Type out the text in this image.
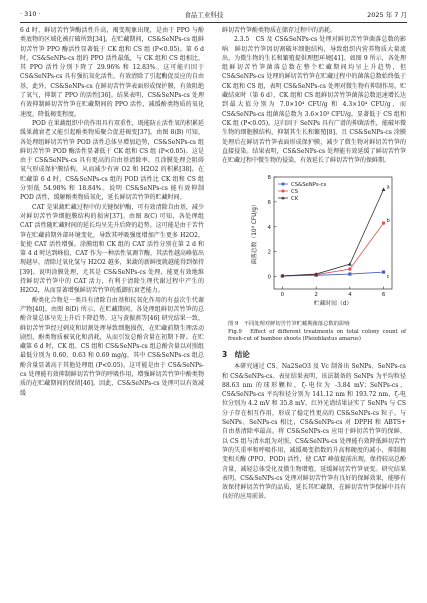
· 310 ·	食品工业科技	2025 年 7 月

6 d 时，鲜切苦竹笋酶活性升高，褐变现象出现，是由于 PPO 与酚类底物的区域化被打破所致[34]。在贮藏期间，CS&SeNPs-cs 组鲜切苦竹笋 PPO 酶活性显著低于 CK 组和 CS 组 (P<0.05)。第 6 d 时，CS&SeNPs-cs 组的 PPO 活性最低，与 CK 组和 CS 组相比，其 PPO 活性分别下降了 29.96% 和 12.83%。这可能归因于 CS&SeNPs-cs 具有强抗氧化活性，有效清除了引起酶促反应的自由基，此外，CS&SeNPs-cs 在鲜切苦竹笋表面形成保护膜，有效阻绝了氧气，抑制了 PPO 的活性[36]。结果表明，CS&SeNPs-cs 处理有效抑制鲜切苦竹笋在贮藏期间的 PPO 活性，减缓酚类物质的氧化速度，降低褐变程度。

POD 在果蔬组织中的作用具有双重性，既能防止活性氧的积累延缓果蔬衰老又能引起酚类物质聚合促进褐变[37]。由图 8(B) 可知，各处理组鲜切苦竹笋 POD 活性总体呈增加趋势，CS&SeNPs-cs 组鲜切苦竹笋 POD 酶活性显著低于 CK 组和 CS 组 (P<0.05)。这是由于 CS&SeNPs-cs 具有更高的自由基清除率，且涂膜处理会阻碍氧气形成保护膜结构，从而减少有害 O2 和 H2O2 的积累[38]。在贮藏第 6 d 时，CS&SeNPs-cs 组的 POD 活性比 CK 组和 CS 组分别低 54.98% 和 18.84%。说明 CS&SeNPs-cs 能有效抑制 POD 活性，缓解酚类物质氧化，延长鲜切苦竹笋的贮藏时间。

CAT 是果蔬贮藏过程中的关键保护酶，可有效清除自由基，减少对鲜切苦竹笋细胞膜结构的损害[37]。由图 8(C) 可知，各处理组 CAT 活性随贮藏时间的延长均呈先升后降的趋势。这可能是由于苦竹笋在贮藏前期外部环境变化，导致其呼吸强度增加产生更多 H2O2，促使 CAT 活性增强。涂膜组和 CK 组的 CAT 活性分别在第 2 d 和第 4 d 时达到峰值，CAT 作为一种活性氧调节酶，其活性越高峰值出现越早，清除过氧化氢与 H2O2 越多，果蔬的新鲜度就越能得到保持[39]。说明涂膜处理，尤其是 CS&SeNPs-cs 处理，能更有效地维持鲜切苦竹笋中的 CAT 活力，有利于清除生理代谢过程中产生的 H2O2，从而显著增强鲜切苦竹笋的抵御抗衰老能力。

酚类化合物是一类具有清除自由基和抗氧化作用的有益次生代谢产物[40]。由图 8(D) 所示，在贮藏期间，各处理组鲜切苦竹笋的总酚含量总体呈先上升后下降趋势，这与黄振燕等[46] 研究结果一致，鲜切苦竹笋经过刺皮和切割处理导致细胞损伤，在贮藏前期生理活动剧烈，酚类物质被氧化和消耗，从而引发总酚含量在初期下降。在贮藏第 6 d 时，CK 组、CS 组和 CS&SeNPs-cs 组总酚含量以对照组最低分别为 0.60、0.63 和 0.69 mg/g，其中 CS&SeNPs-cs 组总酚含量显著高于其他处理组 (P<0.05)。这可能是由于 CS&SeNPs-cs 处理能有效抑制鲜切苦竹笋的呼吸作用，增强鲜切苦竹笋中酚类物质的在贮藏期间的保留[46]。因此，CS&SeNPs-cs 处理可以有效减缓

鲜切苦竹笋酚类物质在储存过程中的消耗。

2.3.5　CS 及 CS&SeNPs-cs 处理对鲜切苦竹笋菌落总数的影响　鲜切苦竹笋因切割破坏细胞结构，导致组织内营养物质大量流出，为微生物的生长和繁殖提供理想环境[41]。如图 9 所示，各处理组鲜切苦竹笋菌落总数在整个贮藏期间均呈上升趋势，但 CS&SeNPs-cs 处理的鲜切苦竹笋在贮藏过程中的菌落总数始终低于 CK 组和 CS 组，表明 CS&SeNPs-cs 处理对微生物有抑制作用。贮藏结束时（第 6 d），CK 组和 CS 组鲜切苦竹笋菌落总数迅速增长达到最大值分别为 7.0×10⁴ CFU/g 和 4.3×10⁴ CFU/g，而 CS&SeNPs-cs 组菌落总数为 3.6×10³ CFU/g，显著低于 CS 组和 CK 组 (P<0.05)。这归因于 SeNPs 具有广谱的抑菌活性，能破坏微生物的细胞膜结构，抑制其生长和繁殖[8]，且 CS&SeNPs-cs 涂膜处理后在鲜切苦竹笋表面形成保护膜，减少了微生物对鲜切苦竹笋的直接侵染。结果表明，CS&SeNPs-cs 处理能有效延缓了鲜切苦竹笋在贮藏过程中微生物的侵染，有效延长了鲜切苦竹笋的保鲜期。

0
2
4
6
8
0	2	4	6
贮藏时间（d）
菌落总数（10⁴ CFU/g）
a
b
c
CS&SeNPs-cs
CS
CK
图 9　不同处理对鲜切苦竹笋贮藏期菌落总数的影响
Fig.9　Effect of different treatments on total colony count of fresh-cut of bamboo shoots (Pleioblastus amarus)
3　结论

本研究通过 CS、Na2SeO3 及 Vc 制备出 SeNPs、SeNPs-cs 和 CS&SeNPs-cs。表征结果表明，该法制备的 SeNPs 为平均粒径 88.63 nm 的球形颗粒，ζ-电位为 -3.84 mV；SeNPs-cs、CS&SeNPs-cs 平均粒径分别为 141.12 nm 和 193.72 nm，ζ-电位分别为 4.2 mV 和 35.8 mV。红外光谱结果证实了 SeNPs 与 CS 分子存在相互作用，形成了稳定性更高的 CS&SeNPs-cs 粒子。与 SeNPs、SeNPs-cs 相比，CS&SeNPs-cs 对 DPPH 和 ABTS+ 自由基清除率最高。将 CS&SeNPs-cs 应用于鲜切苦竹笋的保鲜，以 CS 组与清水组为对照，CS&SeNPs-cs 处理能有效降低鲜切苦竹笋的失重率和呼吸作用，减缓褐变指数的升高和硬度的减小，抑制褐变相关酶 (PPO、POD) 活性，使 CAT 峰值提前出现，保持较高总酚含量，减轻总体受化及微生物增殖，延缓鲜切苦竹笋衰变。研究结果表明，CS&SeNPs-cs 处理对鲜切苦竹笋有良好的保鲜效果，能够有效保持鲜切苦竹笋的品质，延长其贮藏期，在鲜切苦竹笋保鲜中具有良好的应用前景。
